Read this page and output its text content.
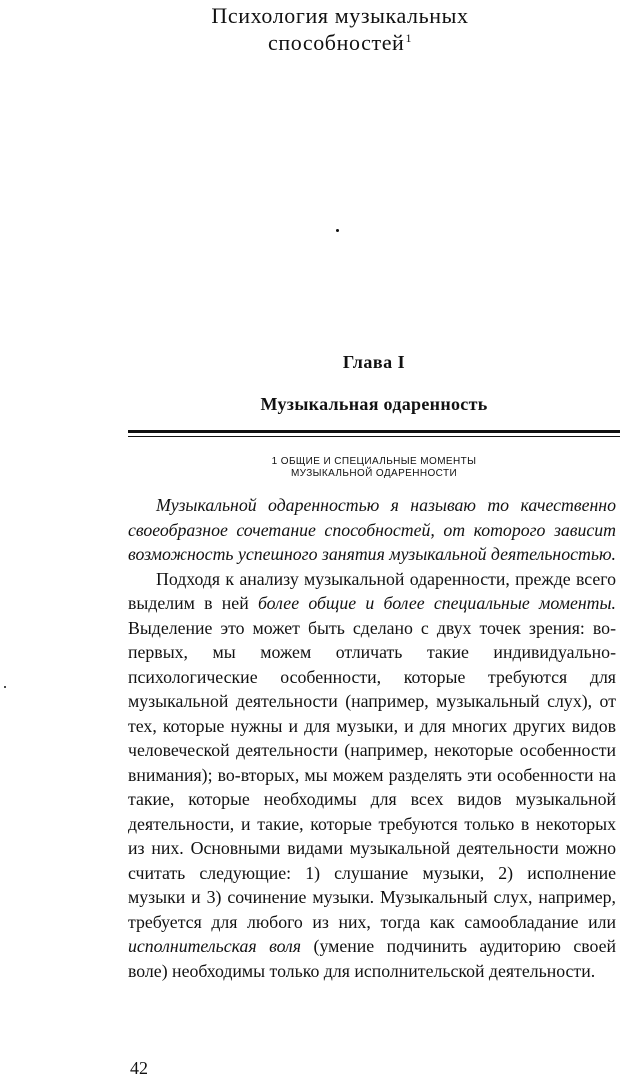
Психология музыкальных
способностей$^1$
Глава I
Музыкальная одаренность
1 ОБЩИЕ И СПЕЦИАЛЬНЫЕ МОМЕНТЫ
МУЗЫКАЛЬНОЙ ОДАРЕННОСТИ

Музыкальной одаренностью я называю то качественно своеобразное сочетание способностей, от которого зависит возможность успешного занятия музыкальной деятельностью.

Подходя к анализу музыкальной одаренности, прежде всего выделим в ней более общие и более специальные моменты. Выделение это может быть сделано с двух точек зрения: во-первых, мы можем отличать такие индивидуально-психологические особенности, которые требуются для музыкальной деятельности (например, музыкальный слух), от тех, которые нужны и для музыки, и для многих других видов человеческой деятельности (например, некоторые особенности внимания); во-вторых, мы можем разделять эти особенности на такие, которые необходимы для всех видов музыкальной деятельности, и такие, которые требуются только в некоторых из них. Основными видами музыкальной деятельности можно считать следующие: 1) слушание музыки, 2) исполнение музыки и 3) сочинение музыки. Музыкальный слух, например, требуется для любого из них, тогда как самообладание или исполнительская воля (умение подчинить аудиторию своей воле) необходимы только для исполнительской деятельности.

42
